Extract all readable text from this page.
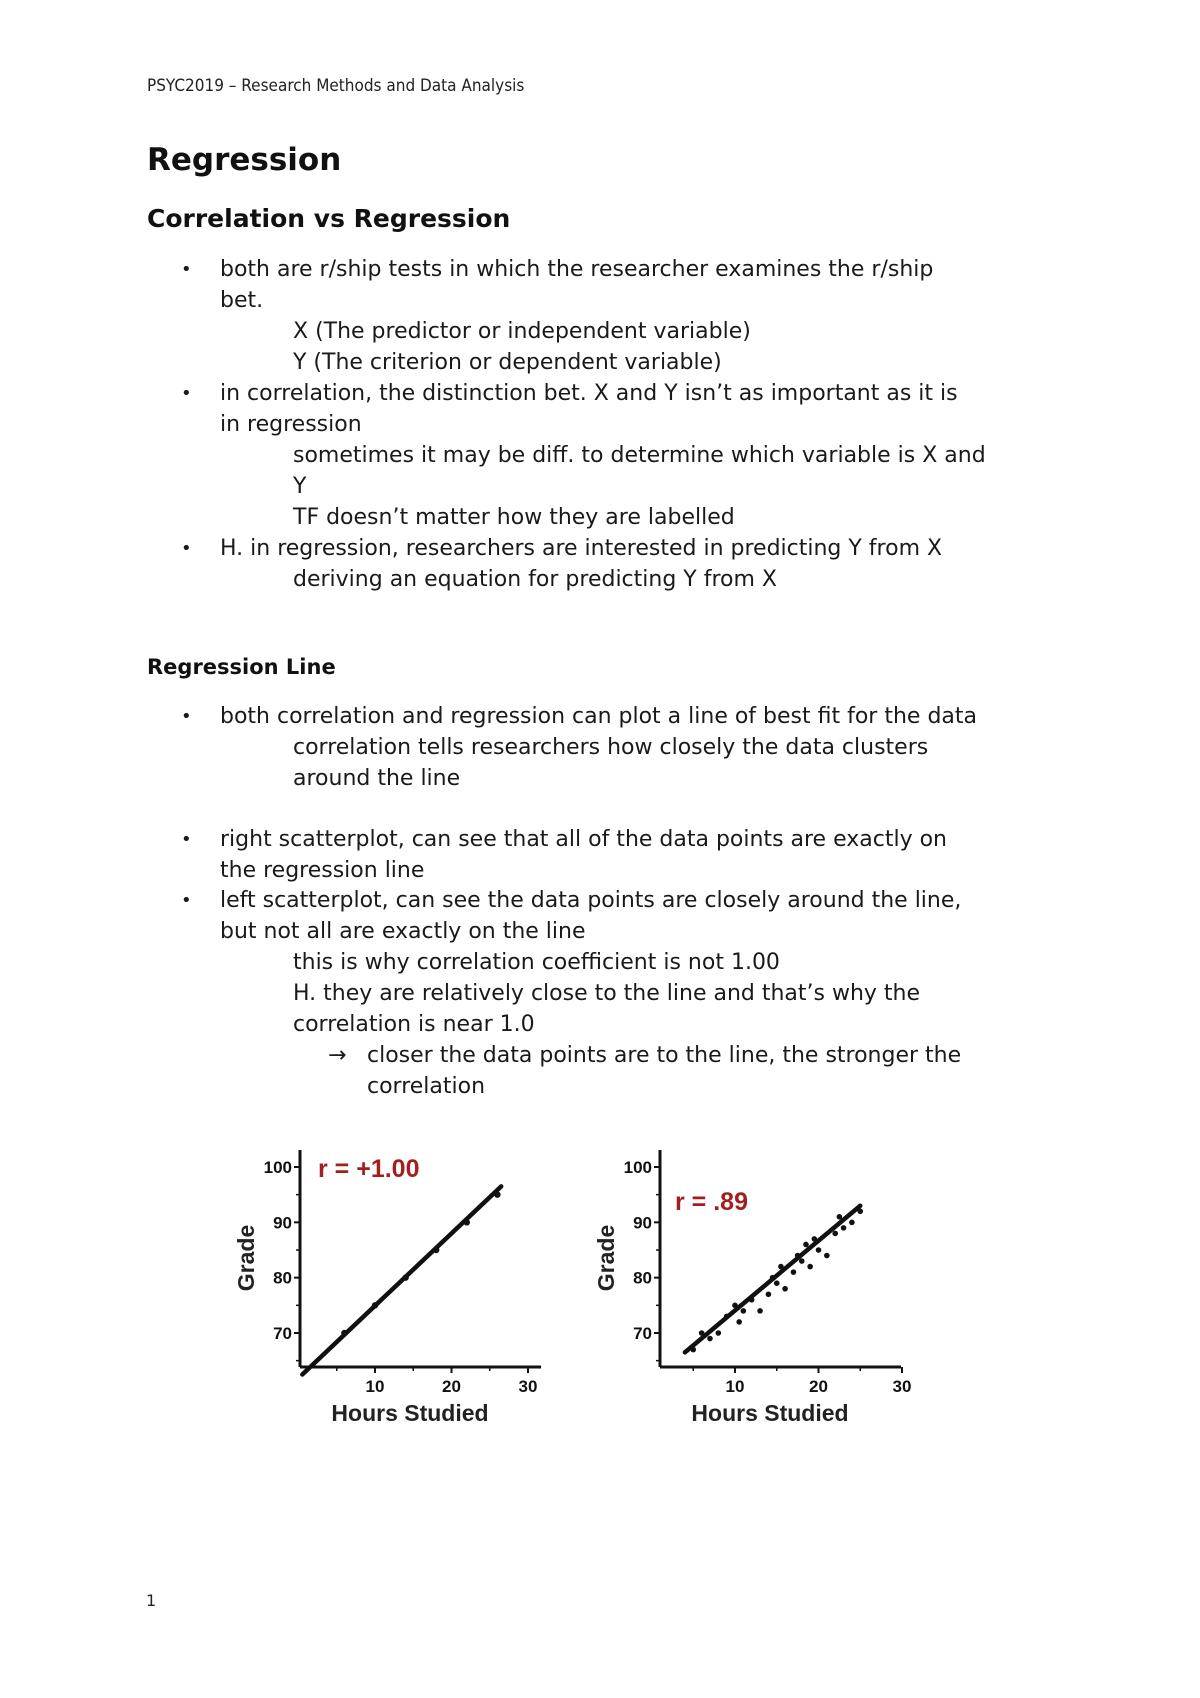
PSYC2019 – Research Methods and Data Analysis
Regression
Correlation vs Regression
• both are r/ship tests in which the researcher examines the r/ship
bet.
X (The predictor or independent variable)
Y (The criterion or dependent variable)
• in correlation, the distinction bet. X and Y isn’t as important as it is
in regression
sometimes it may be diff. to determine which variable is X and
Y
TF doesn’t matter how they are labelled
• H. in regression, researchers are interested in predicting Y from X
deriving an equation for predicting Y from X
Regression Line
• both correlation and regression can plot a line of best fit for the data
correlation tells researchers how closely the data clusters
around the line
• right scatterplot, can see that all of the data points are exactly on
the regression line
• left scatterplot, can see the data points are closely around the line,
but not all are exactly on the line
this is why correlation coefficient is not 1.00
H. they are relatively close to the line and that’s why the
correlation is near 1.0
→ closer the data points are to the line, the stronger the
correlation
70
80
90
100
10	20	30
Hours Studied
Grade
r = +1.00
70
80
90
100
10	20	30
Hours Studied
Grade
r = .89
1
